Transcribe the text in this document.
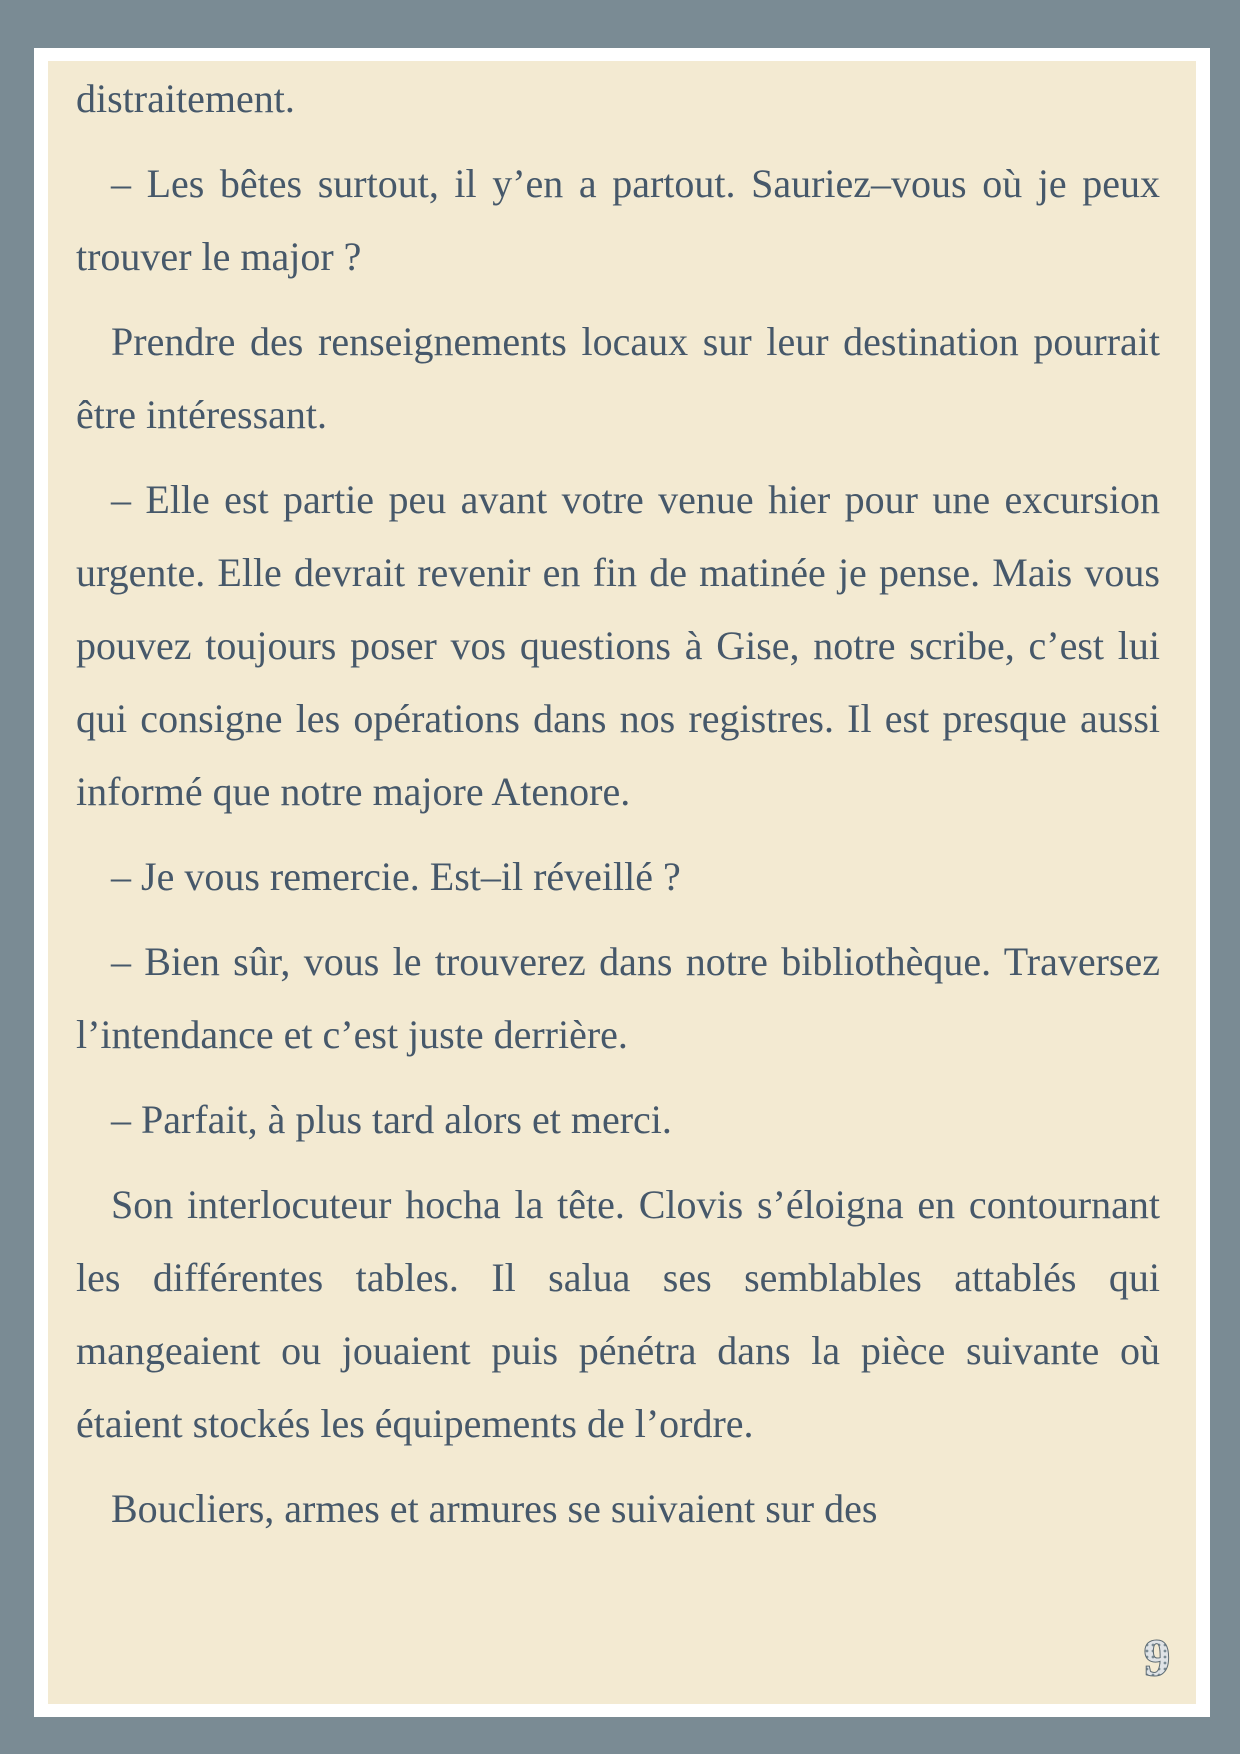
distraitement.

– Les bêtes surtout, il y’en a partout. Sauriez–vous où je peux trouver le major ?

Prendre des renseignements locaux sur leur destination pourrait être intéressant.

– Elle est partie peu avant votre venue hier pour une excursion urgente. Elle devrait revenir en fin de matinée je pense. Mais vous pouvez toujours poser vos questions à Gise, notre scribe, c’est lui qui consigne les opérations dans nos registres. Il est presque aussi informé que notre majore Atenore.

– Je vous remercie. Est–il réveillé ?

– Bien sûr, vous le trouverez dans notre bibliothèque. Traversez l’intendance et c’est juste derrière.

– Parfait, à plus tard alors et merci.

Son interlocuteur hocha la tête. Clovis s’éloigna en contournant les différentes tables. Il salua ses semblables attablés qui mangeaient ou jouaient puis pénétra dans la pièce suivante où étaient stockés les équipements de l’ordre.

Boucliers, armes et armures se suivaient sur des

9
